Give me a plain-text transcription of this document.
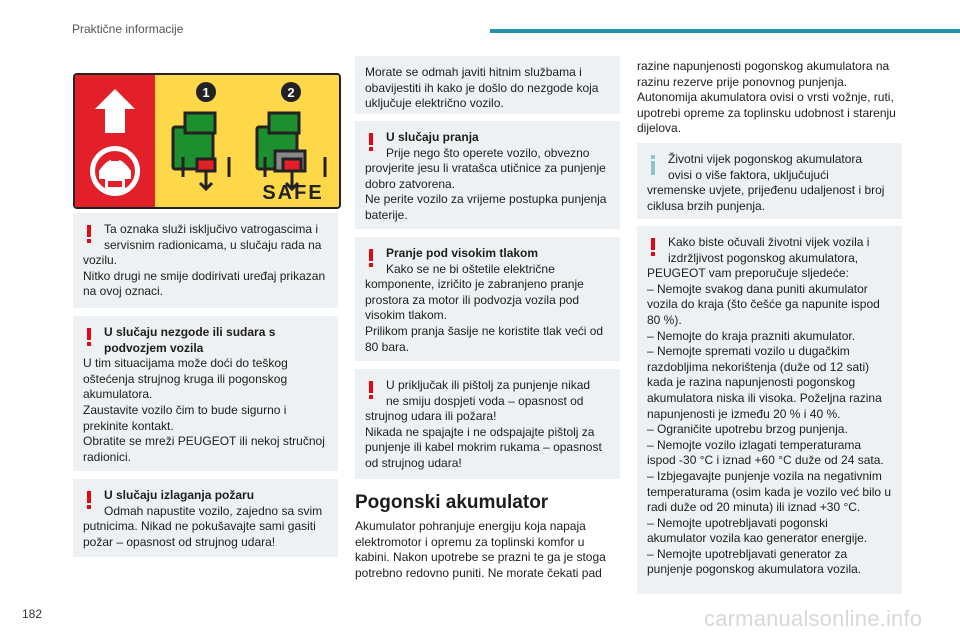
Praktične informacije
1	2
SAFE
Ta oznaka služi isključivo vatrogascima i
servisnim radionicama, u slučaju rada na
vozilu.
Nitko drugi ne smije dodirivati uređaj prikazan
na ovoj oznaci.
U slučaju nezgode ili sudara s
podvozjem vozila
U tim situacijama može doći do teškog
oštećenja strujnog kruga ili pogonskog
akumulatora.
Zaustavite vozilo čim to bude sigurno i
prekinite kontakt.
Obratite se mreži PEUGEOT ili nekoj stručnoj
radionici.
U slučaju izlaganja požaru
Odmah napustite vozilo, zajedno sa svim
putnicima. Nikad ne pokušavajte sami gasiti
požar – opasnost od strujnog udara!
Morate se odmah javiti hitnim službama i
obavijestiti ih kako je došlo do nezgode koja
uključuje električno vozilo.
U slučaju pranja
Prije nego što operete vozilo, obvezno
provjerite jesu li vratašca utičnice za punjenje
dobro zatvorena.
Ne perite vozilo za vrijeme postupka punjenja
baterije.
Pranje pod visokim tlakom
Kako se ne bi oštetile električne
komponente, izričito je zabranjeno pranje
prostora za motor ili podvozja vozila pod
visokim tlakom.
Prilikom pranja šasije ne koristite tlak veći od
80 bara.
U priključak ili pištolj za punjenje nikad
ne smiju dospjeti voda – opasnost od
strujnog udara ili požara!
Nikada ne spajajte i ne odspajajte pištolj za
punjenje ili kabel mokrim rukama – opasnost
od strujnog udara!
Pogonski akumulator
Akumulator pohranjuje energiju koja napaja
elektromotor i opremu za toplinski komfor u
kabini. Nakon upotrebe se prazni te ga je stoga
potrebno redovno puniti. Ne morate čekati pad
razine napunjenosti pogonskog akumulatora na
razinu rezerve prije ponovnog punjenja.
Autonomija akumulatora ovisi o vrsti vožnje, ruti,
upotrebi opreme za toplinsku udobnost i starenju
dijelova.
Životni vijek pogonskog akumulatora
ovisi o više faktora, uključujući
vremenske uvjete, prijeđenu udaljenost i broj
ciklusa brzih punjenja.
Kako biste očuvali životni vijek vozila i
izdržljivost pogonskog akumulatora,
PEUGEOT vam preporučuje sljedeće:
– Nemojte svakog dana puniti akumulator
vozila do kraja (što češće ga napunite ispod
80 %).
– Nemojte do kraja prazniti akumulator.
– Nemojte spremati vozilo u dugačkim
razdobljima nekorištenja (duže od 12 sati)
kada je razina napunjenosti pogonskog
akumulatora niska ili visoka. Poželjna razina
napunjenosti je između 20 % i 40 %.
– Ograničite upotrebu brzog punjenja.
– Nemojte vozilo izlagati temperaturama
ispod -30 °C i iznad +60 °C duže od 24 sata.
– Izbjegavajte punjenje vozila na negativnim
temperaturama (osim kada je vozilo već bilo u
radi duže od 20 minuta) ili iznad +30 °C.
– Nemojte upotrebljavati pogonski
akumulator vozila kao generator energije.
– Nemojte upotrebljavati generator za
punjenje pogonskog akumulatora vozila.
182	carmanualsonline.info
